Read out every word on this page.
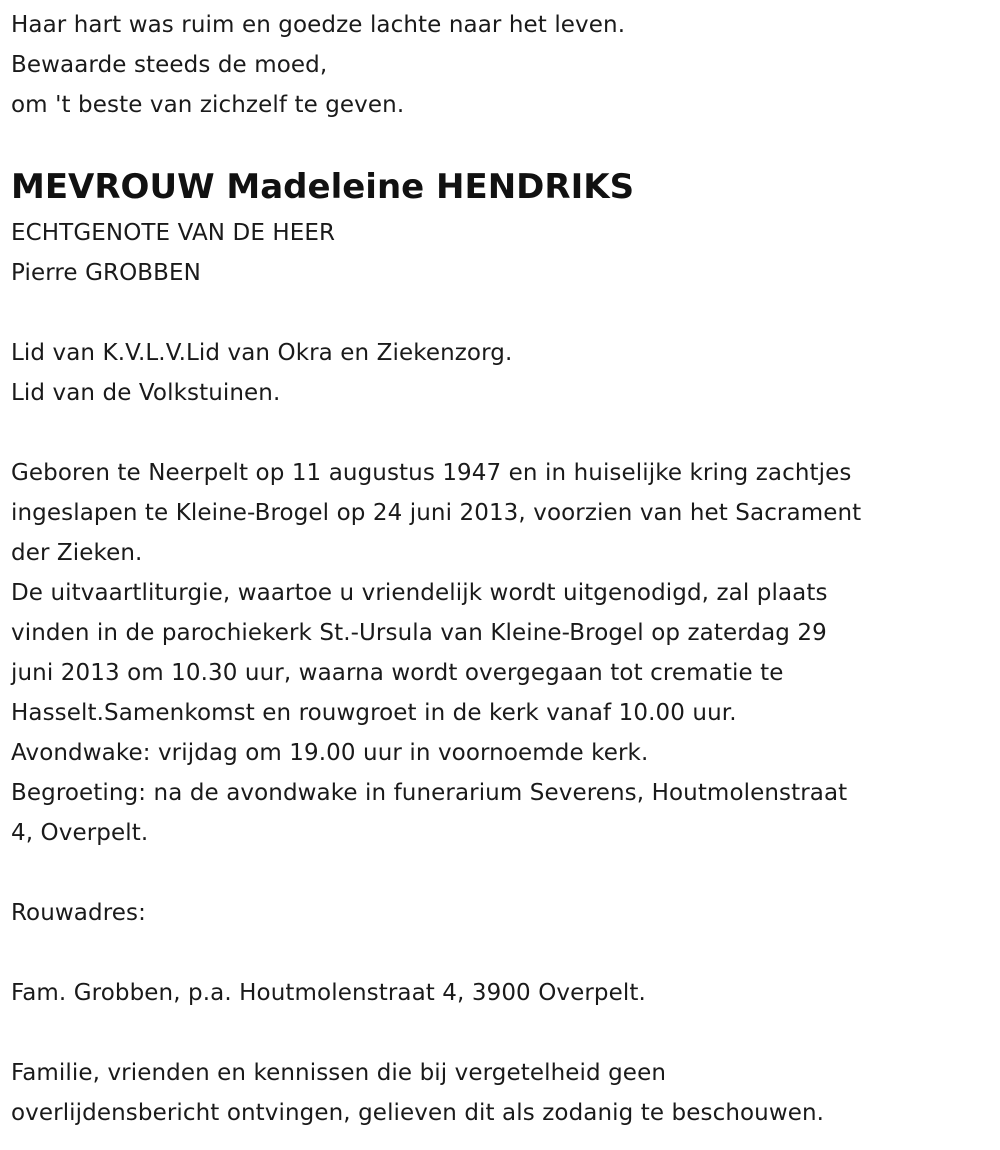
Haar hart was ruim en goedze lachte naar het leven.
Bewaarde steeds de moed,
om 't beste van zichzelf te geven.
MEVROUW Madeleine HENDRIKS
ECHTGENOTE VAN DE HEER
Pierre GROBBEN
Lid van K.V.L.V.Lid van Okra en Ziekenzorg.
Lid van de Volkstuinen.
Geboren te Neerpelt op 11 augustus 1947 en in huiselijke kring zachtjes
ingeslapen te Kleine-Brogel op 24 juni 2013, voorzien van het Sacrament
der Zieken.
De uitvaartliturgie, waartoe u vriendelijk wordt uitgenodigd, zal plaats
vinden in de parochiekerk St.-Ursula van Kleine-Brogel op zaterdag 29
juni 2013 om 10.30 uur, waarna wordt overgegaan tot crematie te
Hasselt.Samenkomst en rouwgroet in de kerk vanaf 10.00 uur.
Avondwake: vrijdag om 19.00 uur in voornoemde kerk.
Begroeting: na de avondwake in funerarium Severens, Houtmolenstraat
4, Overpelt.
Rouwadres:
Fam. Grobben, p.a. Houtmolenstraat 4, 3900 Overpelt.
Familie, vrienden en kennissen die bij vergetelheid geen
overlijdensbericht ontvingen, gelieven dit als zodanig te beschouwen.
